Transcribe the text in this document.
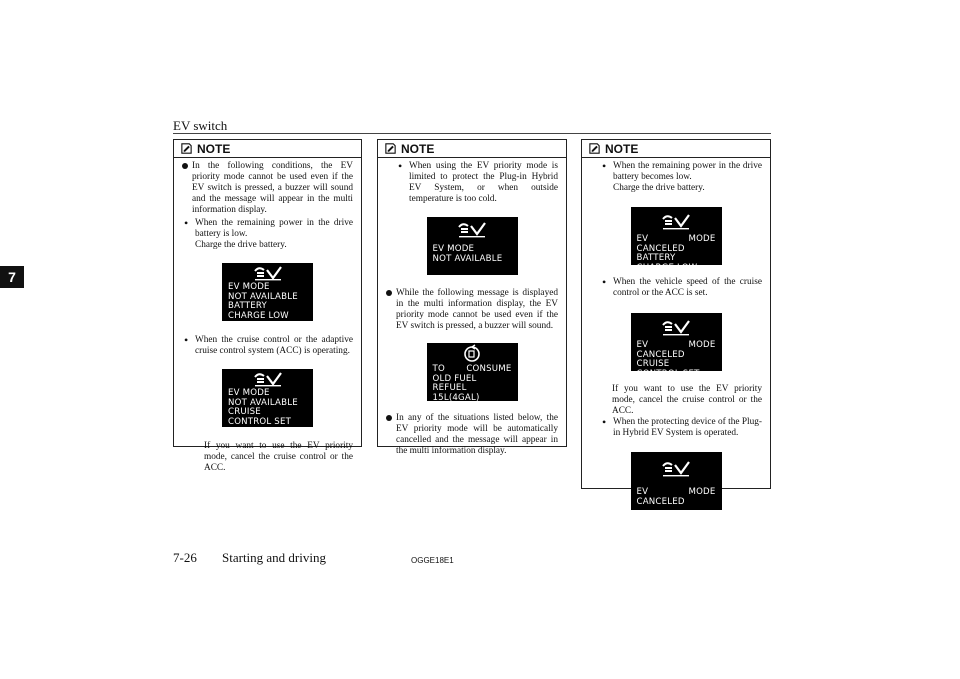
EV switch
7
NOTE
In the following conditions, the EV priority mode cannot be used even if the EV switch is pressed, a buzzer will sound and the message will appear in the multi information display.
• When the remaining power in the drive battery is low.
Charge the drive battery.
EV MODE
NOT AVAILABLE
BATTERY CHARGE LOW
• When the cruise control or the adaptive cruise control system (ACC) is operating.
EV MODE
NOT AVAILABLE
CRUISE CONTROL SET
If you want to use the EV priority mode, cancel the cruise control or the ACC.
NOTE
• When using the EV priority mode is limited to protect the Plug-in Hybrid EV System, or when outside temperature is too cold.
EV MODE
NOT AVAILABLE
While the following message is displayed in the multi information display, the EV priority mode cannot be used even if the EV switch is pressed, a buzzer will sound.
TO CONSUME OLD FUEL
REFUEL 15L(4GAL)
OR MORE
In any of the situations listed below, the EV priority mode will be automatically cancelled and the message will appear in the multi information display.
NOTE
• When the remaining power in the drive battery becomes low.
Charge the drive battery.
EV MODE CANCELED
BATTERY CHARGE LOW
• When the vehicle speed of the cruise control or the ACC is set.
EV MODE CANCELED
CRUISE CONTROL SET
If you want to use the EV priority mode, cancel the cruise control or the ACC.
• When the protecting device of the Plug-in Hybrid EV System is operated.
EV MODE CANCELED
7-26 Starting and driving	OGGE18E1
